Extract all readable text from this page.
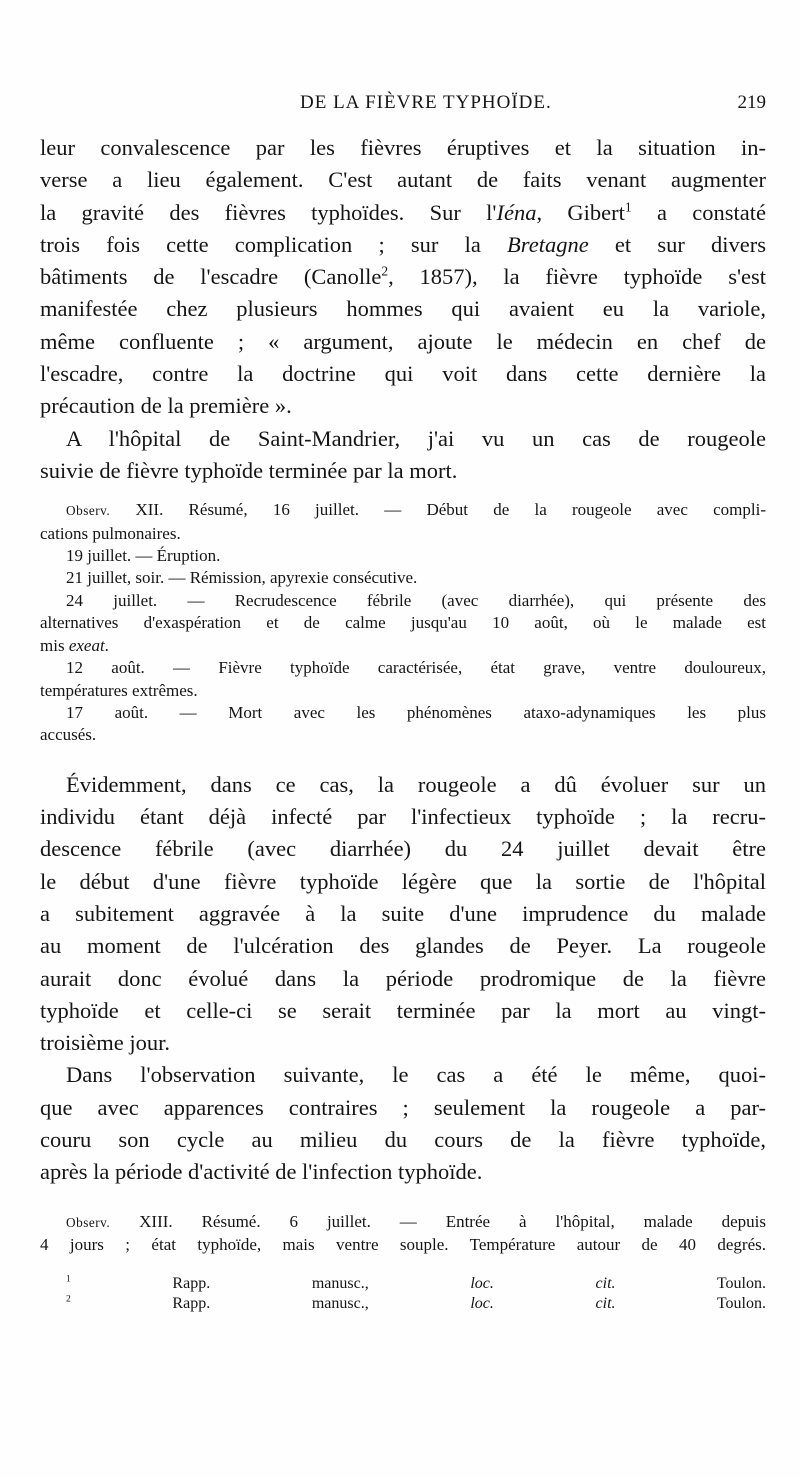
DE LA FIÈVRE TYPHOÏDE.	219
leur convalescence par les fièvres éruptives et la situation in-
verse a lieu également. C'est autant de faits venant augmenter
la gravité des fièvres typhoïdes. Sur l'Iéna, Gibert$^1$ a constaté
trois fois cette complication ; sur la Bretagne et sur divers
bâtiments de l'escadre (Canolle$^2$, 1857), la fièvre typhoïde s'est
manifestée chez plusieurs hommes qui avaient eu la variole,
même confluente ; « argument, ajoute le médecin en chef de
l'escadre, contre la doctrine qui voit dans cette dernière la
précaution de la première ».
A l'hôpital de Saint-Mandrier, j'ai vu un cas de rougeole
suivie de fièvre typhoïde terminée par la mort.
Observ. XII. Résumé, 16 juillet. — Début de la rougeole avec compli-
cations pulmonaires.
19 juillet. — Éruption.
21 juillet, soir. — Rémission, apyrexie consécutive.
24 juillet. — Recrudescence fébrile (avec diarrhée), qui présente des
alternatives d'exaspération et de calme jusqu'au 10 août, où le malade est
mis exeat.
12 août. — Fièvre typhoïde caractérisée, état grave, ventre douloureux,
températures extrêmes.
17 août. — Mort avec les phénomènes ataxo-adynamiques les plus
accusés.
Évidemment, dans ce cas, la rougeole a dû évoluer sur un
individu étant déjà infecté par l'infectieux typhoïde ; la recru-
descence fébrile (avec diarrhée) du 24 juillet devait être
le début d'une fièvre typhoïde légère que la sortie de l'hôpital
a subitement aggravée à la suite d'une imprudence du malade
au moment de l'ulcération des glandes de Peyer. La rougeole
aurait donc évolué dans la période prodromique de la fièvre
typhoïde et celle-ci se serait terminée par la mort au vingt-
troisième jour.
Dans l'observation suivante, le cas a été le même, quoi-
que avec apparences contraires ; seulement la rougeole a par-
couru son cycle au milieu du cours de la fièvre typhoïde,
après la période d'activité de l'infection typhoïde.
Observ. XIII. Résumé. 6 juillet. — Entrée à l'hôpital, malade depuis
4 jours ; état typhoïde, mais ventre souple. Température autour de 40 degrés.
$^1$ Rapp. manusc., loc. cit. Toulon.
$^2$ Rapp. manusc., loc. cit. Toulon.
